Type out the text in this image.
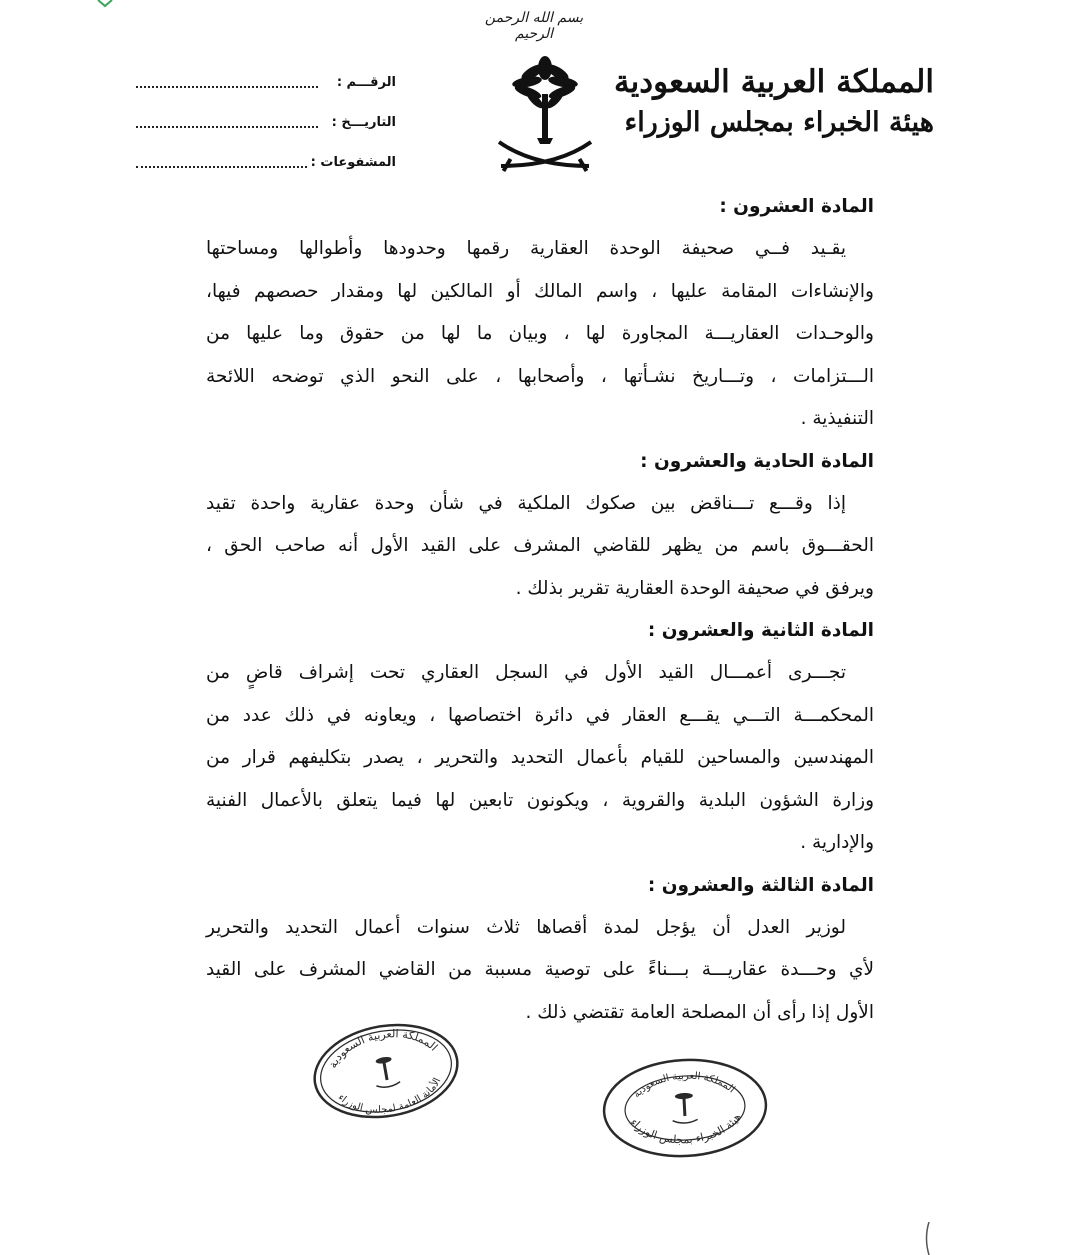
بسم الله الرحمن الرحيم
المملكة العربية السعودية
هيئة الخبراء بمجلس الوزراء
الرقـــم :
التاريـــخ :
المشفوعات :
المادة العشرون :
يقـيد فــي صحيفة الوحدة العقارية رقمها وحدودها وأطوالها ومساحتها
والإنشاءات المقامة عليها ، واسم المالك أو المالكين لها ومقدار حصصهم فيها،
والوحـدات العقاريـــة المجاورة لها ، وبيان ما لها من حقوق وما عليها من
الـــتزامات ، وتـــاريخ نشـأتها ، وأصحابها ، على النحو الذي توضحه اللائحة
التنفيذية .
المادة الحادية والعشرون :
إذا وقـــع تـــناقض بين صكوك الملكية في شأن وحدة عقارية واحدة تقيد
الحقـــوق باسم من يظهر للقاضي المشرف على القيد الأول أنه صاحب الحق ،
ويرفق في صحيفة الوحدة العقارية تقرير بذلك .
المادة الثانية والعشرون :
تجـــرى أعمـــال القيد الأول في السجل العقاري تحت إشراف قاضٍ من
المحكمـــة التـــي يقـــع العقار في دائرة اختصاصها ، ويعاونه في ذلك عدد من
المهندسين والمساحين للقيام بأعمال التحديد والتحرير ، يصدر بتكليفهم قرار من
وزارة الشؤون البلدية والقروية ، ويكونون تابعين لها فيما يتعلق بالأعمال الفنية
والإدارية .
المادة الثالثة والعشرون :
لوزير العدل أن يؤجل لمدة أقصاها ثلاث سنوات أعمال التحديد والتحرير
لأي وحـــدة عقاريـــة بـــناءً على توصية مسببة من القاضي المشرف على القيد
الأول إذا رأى أن المصلحة العامة تقتضي ذلك .
المملكة العربية السعودية
الأمانة العامة لمجلس الوزراء
المملكة العربية السعودية
هيئة الخبراء بمجلس الوزراء
